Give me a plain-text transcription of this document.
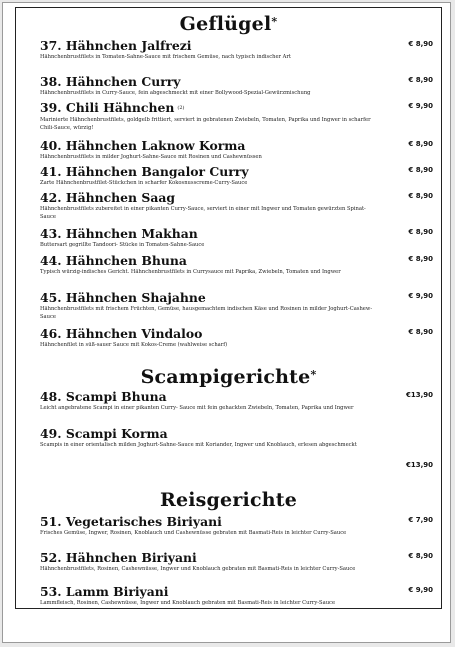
Geflügel*
37. Hähnchen Jalfrezi
Hähnchenbrustfilets in Tomaten-Sahne-Sauce mit frischem Gemüse, nach typisch indischer Art
€ 8,90
38. Hähnchen Curry
Hähnchenbrustfilets in Curry-Sauce, fein abgeschmeckt mit einer Bollywood-Spezial-Gewürzmischung
€ 8,90
39. Chili Hähnchen (2)
Marinierte Hähnchenbrustfilets, goldgelb frittiert, serviert in gebratenen Zwiebeln, Tomaten, Paprika und Ingwer in scharfer Chili-Sauce, würzig!
€ 9,90
40. Hähnchen Laknow Korma
Hähnchenbrustfilets in milder Joghurt-Sahne-Sauce mit Rosinen und Cashewnüssen
€ 8,90
41. Hähnchen Bangalor Curry
Zarte Hähnchenbrustfilet-Stückchen in scharfer Kokosnusscreme-Curry-Sauce
€ 8,90
42. Hähnchen Saag
Hähnchenbrustfilets zubereitet in einer pikanten Curry-Sauce, serviert in einer mit Ingwer und Tomaten gewürzten Spinat-Sauce
€ 8,90
43. Hähnchen Makhan
Buttersart gegrillte Tandoori- Stücke in Tomaten-Sahne-Sauce
€ 8,90
44. Hähnchen Bhuna
Typisch würzig-indisches Gericht. Hähnchenbrustfilets in Currysauce mit Paprika, Zwiebeln, Tomaten und Ingwer
€ 8,90
45. Hähnchen Shajahne
Hähnchenbrustfilets mit frischem Früchten, Gemüse, hausgemachtem indischen Käse und Rosinen in milder Joghurt-Cashew-Sauce
€ 9,90
46. Hähnchen Vindaloo
Hähnchenfilet in süß-sauer Sauce mit Kokos-Creme (wahlweise scharf)
€ 8,90
Scampigerichte*
48. Scampi Bhuna
Leicht angebratene Scampi in einer pikanten Curry- Sauce mit fein gehackten Zwiebeln, Tomaten, Paprika und Ingwer
€13,90
49. Scampi Korma
Scampis in einer orientalisch milden Joghurt-Sahne-Sauce mit Koriander, Ingwer und Knoblauch, erlesen abgeschmeckt
€13,90
Reisgerichte
51. Vegetarisches Biriyani
Frisches Gemüse, Ingwer, Rosinen, Knoblauch und Cashewnüsse gebraten mit Basmati-Reis in leichter Curry-Sauce
€ 7,90
52. Hähnchen Biriyani
Hähnchenbrustfilets, Rosinen, Cashewnüsse, Ingwer und Knoblauch gebraten mit Basmati-Reis in leichter Curry-Sauce
€ 8,90
53. Lamm Biriyani
Lammfleisch, Rosinen, Cashewnüsse, Ingwer und Knoblauch gebraten mit Basmati-Reis in leichter Curry-Sauce
€ 9,90
